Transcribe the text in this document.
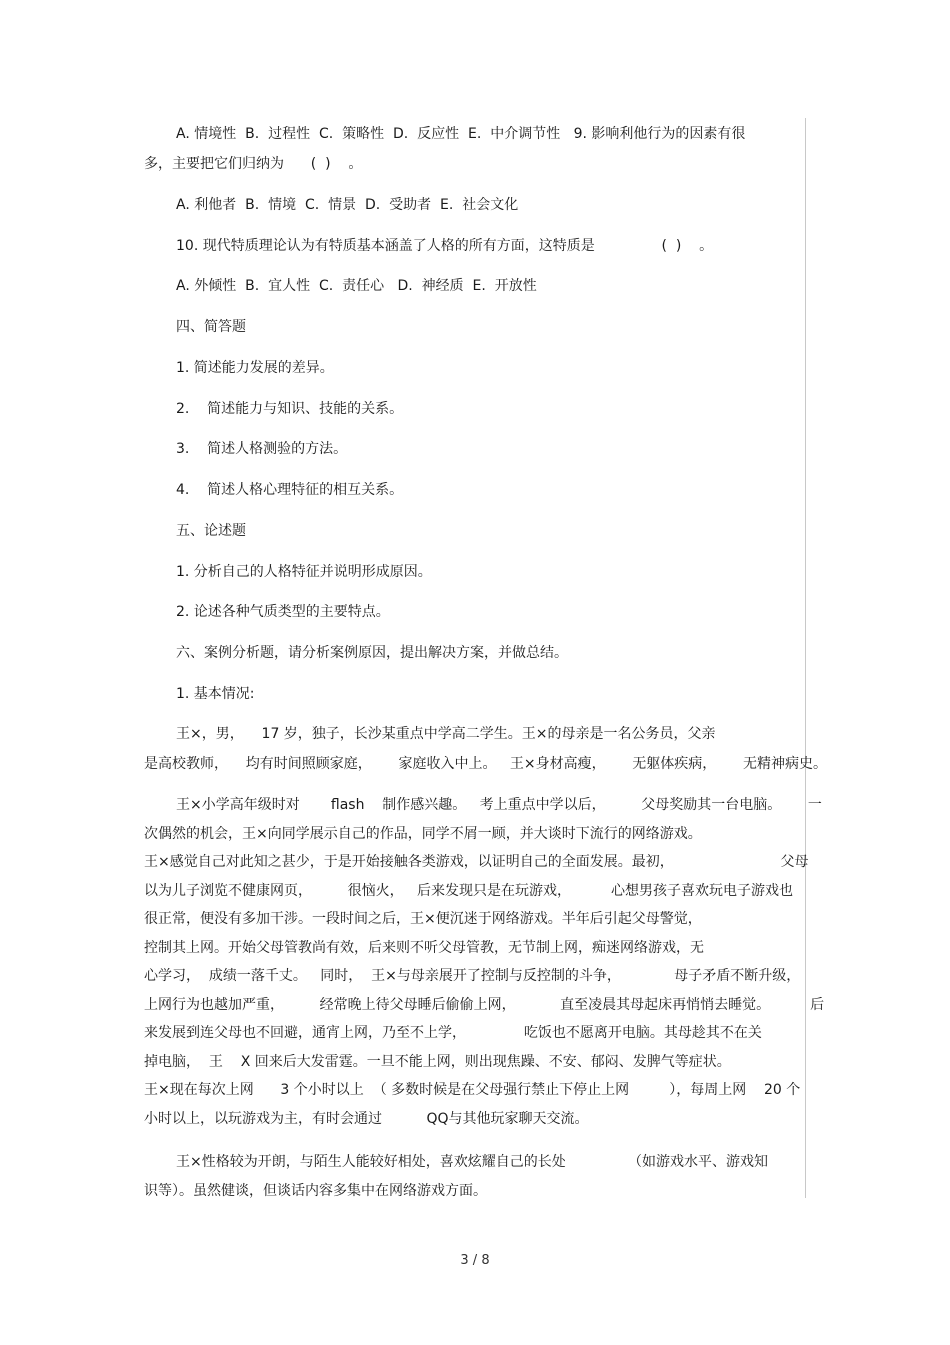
A. 情境性  B.  过程性  C.  策略性  D.  反应性  E.  中介调节性   9. 影响利他行为的因素有很

多，主要把它们归纳为      (  )    。

A. 利他者  B.  情境  C.  情景  D.  受助者  E.  社会文化

10. 现代特质理论认为有特质基本涵盖了人格的所有方面，这特质是               (  )    。

A. 外倾性  B.  宜人性  C.  责任心   D.  神经质  E.  开放性

四、简答题

1. 简述能力发展的差异。

2.    简述能力与知识、技能的关系。

3.    简述人格测验的方法。

4.    简述人格心理特征的相互关系。

五、论述题

1. 分析自己的人格特征并说明形成原因。

2. 论述各种气质类型的主要特点。

六、案例分析题，请分析案例原因，提出解决方案，并做总结。

1. 基本情况:

王×，男，    17 岁，独子，长沙某重点中学高二学生。王×的母亲是一名公务员，父亲

是高校教师，    均有时间照顾家庭，      家庭收入中上。   王×身材高瘦，      无躯体疾病，      无精神病史。

王×小学高年级时对       flash    制作感兴趣。   考上重点中学以后，        父母奖励其一台电脑。      一

次偶然的机会，王×向同学展示自己的作品，同学不屑一顾，并大谈时下流行的网络游戏。

王×感觉自己对此知之甚少，于是开始接触各类游戏，以证明自己的全面发展。最初，                        父母

以为儿子浏览不健康网页，        很恼火，   后来发现只是在玩游戏，         心想男孩子喜欢玩电子游戏也

很正常，便没有多加干涉。一段时间之后，王×便沉迷于网络游戏。半年后引起父母警觉，

控制其上网。开始父母管教尚有效，后来则不听父母管教，无节制上网，痴迷网络游戏，无

心学习，  成绩一落千丈。   同时，  王×与母亲展开了控制与反控制的斗争，            母子矛盾不断升级，

上网行为也越加严重，        经常晚上待父母睡后偷偷上网，          直至凌晨其母起床再悄悄去睡觉。         后

来发展到连父母也不回避，通宵上网，乃至不上学，             吃饭也不愿离开电脑。其母趁其不在关

掉电脑，  王    X 回来后大发雷霆。一旦不能上网，则出现焦躁、不安、郁闷、发脾气等症状。

王×现在每次上网      3 个小时以上  （ 多数时候是在父母强行禁止下停止上网         ），每周上网    20 个

小时以上，以玩游戏为主，有时会通过          QQ与其他玩家聊天交流。

王×性格较为开朗，与陌生人能较好相处，喜欢炫耀自己的长处              （如游戏水平、游戏知

识等）。虽然健谈，但谈话内容多集中在网络游戏方面。

3 / 8
